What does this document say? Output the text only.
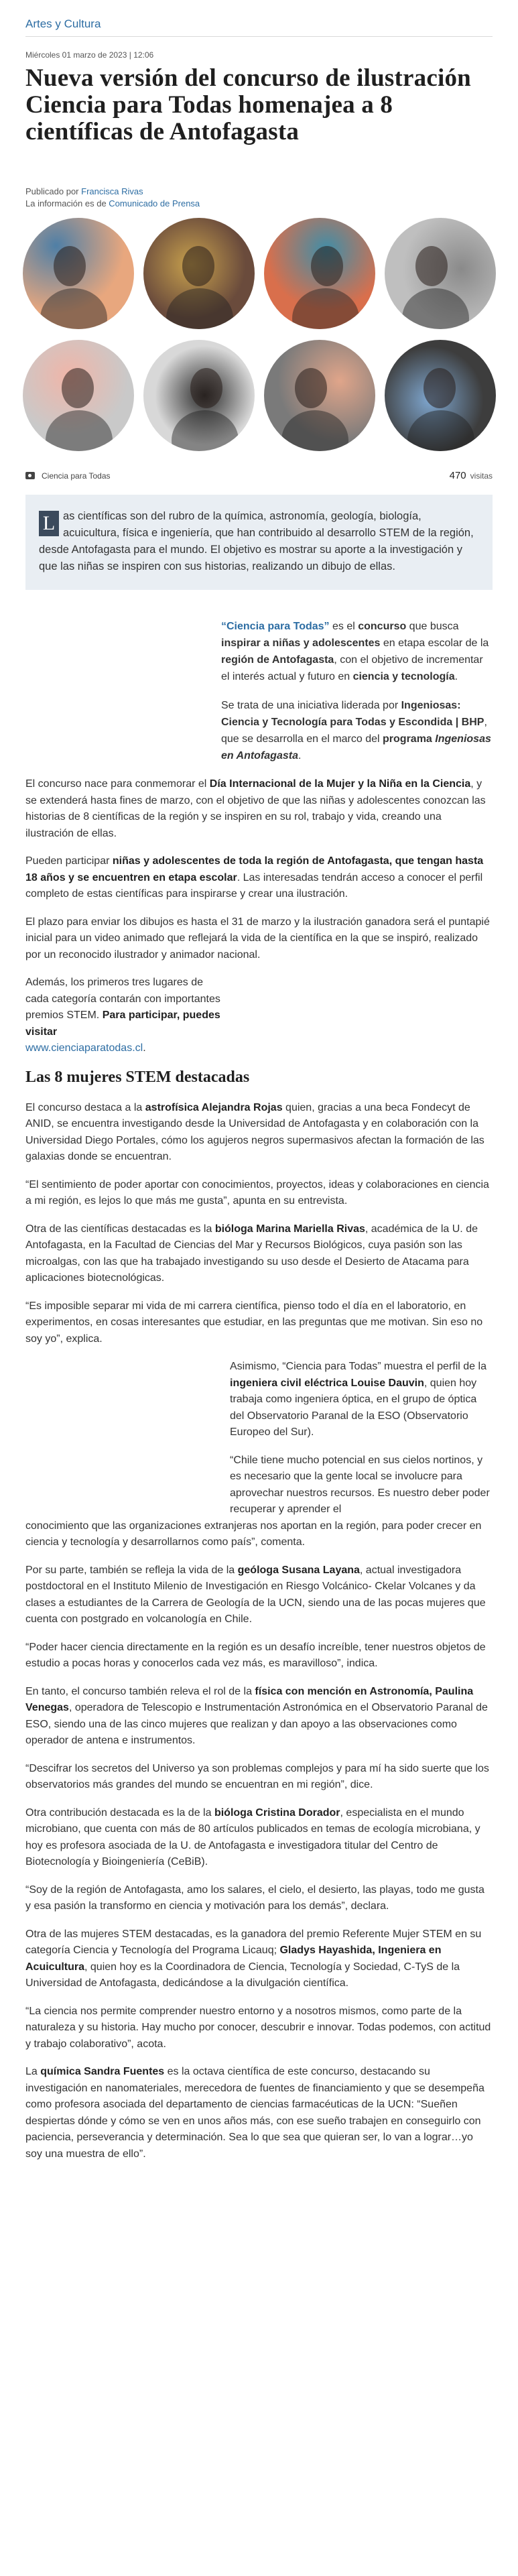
Artes y Cultura
Miércoles 01 marzo de 2023 | 12:06
Nueva versión del concurso de ilustración Ciencia para Todas homenajea a 8 científicas de Antofagasta
Publicado por Francisca Rivas
La información es de Comunicado de Prensa
Ciencia para Todas	470 visitas
L as científicas son del rubro de la química, astronomía, geología, biología, acuicultura, física e ingeniería, que han contribuido al desarrollo STEM de la región, desde Antofagasta para el mundo. El objetivo es mostrar su aporte a la investigación y que las niñas se inspiren con sus historias, realizando un dibujo de ellas.

“Ciencia para Todas” es el concurso que busca inspirar a niñas y adolescentes en etapa escolar de la región de Antofagasta, con el objetivo de incrementar el interés actual y futuro en ciencia y tecnología.

Se trata de una iniciativa liderada por Ingeniosas: Ciencia y Tecnología para Todas y Escondida | BHP, que se desarrolla en el marco del programa Ingeniosas en Antofagasta.

El concurso nace para conmemorar el Día Internacional de la Mujer y la Niña en la Ciencia, y se extenderá hasta fines de marzo, con el objetivo de que las niñas y adolescentes conozcan las historias de 8 científicas de la región y se inspiren en su rol, trabajo y vida, creando una ilustración de ellas.

Pueden participar niñas y adolescentes de toda la región de Antofagasta, que tengan hasta 18 años y se encuentren en etapa escolar. Las interesadas tendrán acceso a conocer el perfil completo de estas científicas para inspirarse y crear una ilustración.

El plazo para enviar los dibujos es hasta el 31 de marzo y la ilustración ganadora será el puntapié inicial para un video animado que reflejará la vida de la científica en la que se inspiró, realizado por un reconocido ilustrador y animador nacional.

Además, los primeros tres lugares de cada categoría contarán con importantes premios STEM. Para participar, puedes visitar
www.cienciaparatodas.cl.

Las 8 mujeres STEM destacadas

El concurso destaca a la astrofísica Alejandra Rojas quien, gracias a una beca Fondecyt de ANID, se encuentra investigando desde la Universidad de Antofagasta y en colaboración con la Universidad Diego Portales, cómo los agujeros negros supermasivos afectan la formación de las galaxias donde se encuentran.

“El sentimiento de poder aportar con conocimientos, proyectos, ideas y colaboraciones en ciencia a mi región, es lejos lo que más me gusta”, apunta en su entrevista.

Otra de las científicas destacadas es la bióloga Marina Mariella Rivas, académica de la U. de Antofagasta, en la Facultad de Ciencias del Mar y Recursos Biológicos, cuya pasión son las microalgas, con las que ha trabajado investigando su uso desde el Desierto de Atacama para aplicaciones biotecnológicas.

“Es imposible separar mi vida de mi carrera científica, pienso todo el día en el laboratorio, en experimentos, en cosas interesantes que estudiar, en las preguntas que me motivan. Sin eso no soy yo”, explica.

Asimismo, “Ciencia para Todas” muestra el perfil de la ingeniera civil eléctrica Louise Dauvin, quien hoy trabaja como ingeniera óptica, en el grupo de óptica del Observatorio Paranal de la ESO (Observatorio Europeo del Sur).

“Chile tiene mucho potencial en sus cielos nortinos, y es necesario que la gente local se involucre para aprovechar nuestros recursos. Es nuestro deber poder recuperar y aprender el

conocimiento que las organizaciones extranjeras nos aportan en la región, para poder crecer en ciencia y tecnología y desarrollarnos como país”, comenta.

Por su parte, también se refleja la vida de la geóloga Susana Layana, actual investigadora postdoctoral en el Instituto Milenio de Investigación en Riesgo Volcánico- Ckelar Volcanes y da clases a estudiantes de la Carrera de Geología de la UCN, siendo una de las pocas mujeres que cuenta con postgrado en volcanología en Chile.

“Poder hacer ciencia directamente en la región es un desafío increíble, tener nuestros objetos de estudio a pocas horas y conocerlos cada vez más, es maravilloso”, indica.

En tanto, el concurso también releva el rol de la física con mención en Astronomía, Paulina Venegas, operadora de Telescopio e Instrumentación Astronómica en el Observatorio Paranal de ESO, siendo una de las cinco mujeres que realizan y dan apoyo a las observaciones como operador de antena e instrumentos.

“Descifrar los secretos del Universo ya son problemas complejos y para mí ha sido suerte que los observatorios más grandes del mundo se encuentran en mi región”, dice.

Otra contribución destacada es la de la bióloga Cristina Dorador, especialista en el mundo microbiano, que cuenta con más de 80 artículos publicados en temas de ecología microbiana, y hoy es profesora asociada de la U. de Antofagasta e investigadora titular del Centro de Biotecnología y Bioingeniería (CeBiB).

“Soy de la región de Antofagasta, amo los salares, el cielo, el desierto, las playas, todo me gusta y esa pasión la transformo en ciencia y motivación para los demás”, declara.

Otra de las mujeres STEM destacadas, es la ganadora del premio Referente Mujer STEM en su categoría Ciencia y Tecnología del Programa Licauq; Gladys Hayashida, Ingeniera en Acuicultura, quien hoy es la Coordinadora de Ciencia, Tecnología y Sociedad, C-TyS de la Universidad de Antofagasta, dedicándose a la divulgación científica.

“La ciencia nos permite comprender nuestro entorno y a nosotros mismos, como parte de la naturaleza y su historia. Hay mucho por conocer, descubrir e innovar. Todas podemos, con actitud y trabajo colaborativo”, acota.

La química Sandra Fuentes es la octava científica de este concurso, destacando su investigación en nanomateriales, merecedora de fuentes de financiamiento y que se desempeña como profesora asociada del departamento de ciencias farmacéuticas de la UCN: “Sueñen despiertas dónde y cómo se ven en unos años más, con ese sueño trabajen en conseguirlo con paciencia, perseverancia y determinación. Sea lo que sea que quieran ser, lo van a lograr…yo soy una muestra de ello”.
